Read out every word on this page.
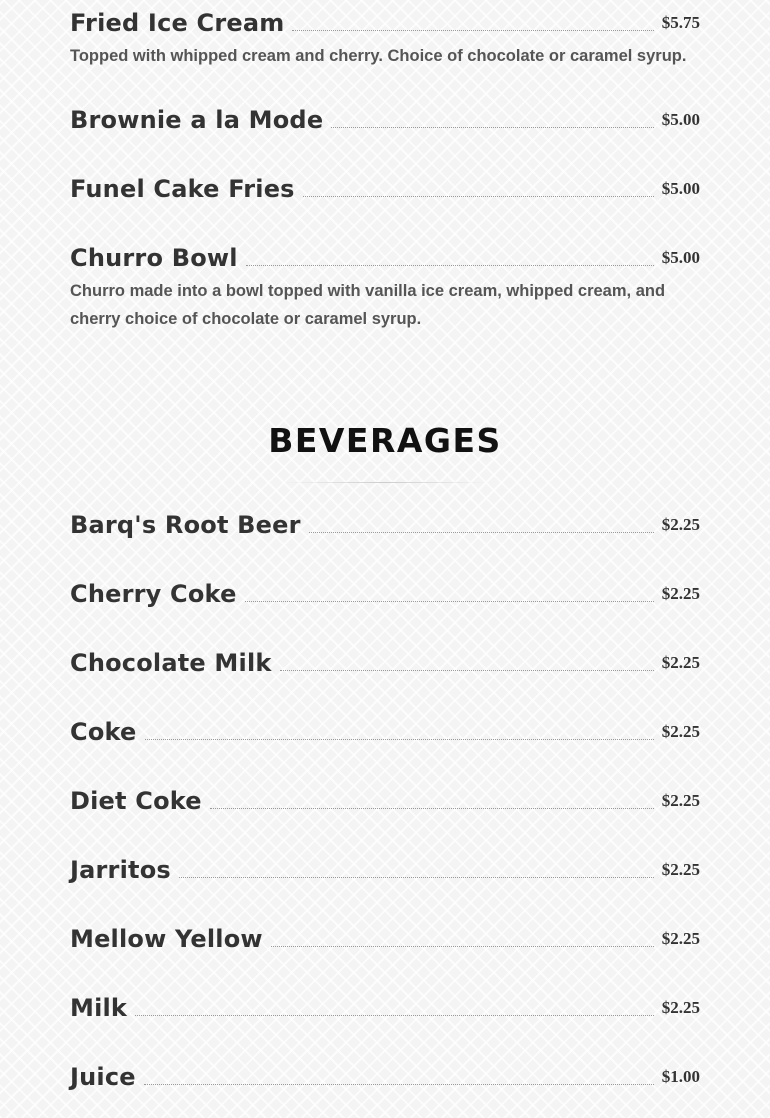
Fried Ice Cream	$5.75
Topped with whipped cream and cherry. Choice of chocolate or caramel syrup.
Brownie a la Mode	$5.00
Funel Cake Fries	$5.00
Churro Bowl	$5.00
Churro made into a bowl topped with vanilla ice cream, whipped cream, and cherry choice of chocolate or caramel syrup.
BEVERAGES
Barq's Root Beer	$2.25
Cherry Coke	$2.25
Chocolate Milk	$2.25
Coke	$2.25
Diet Coke	$2.25
Jarritos	$2.25
Mellow Yellow	$2.25
Milk	$2.25
Juice	$1.00
